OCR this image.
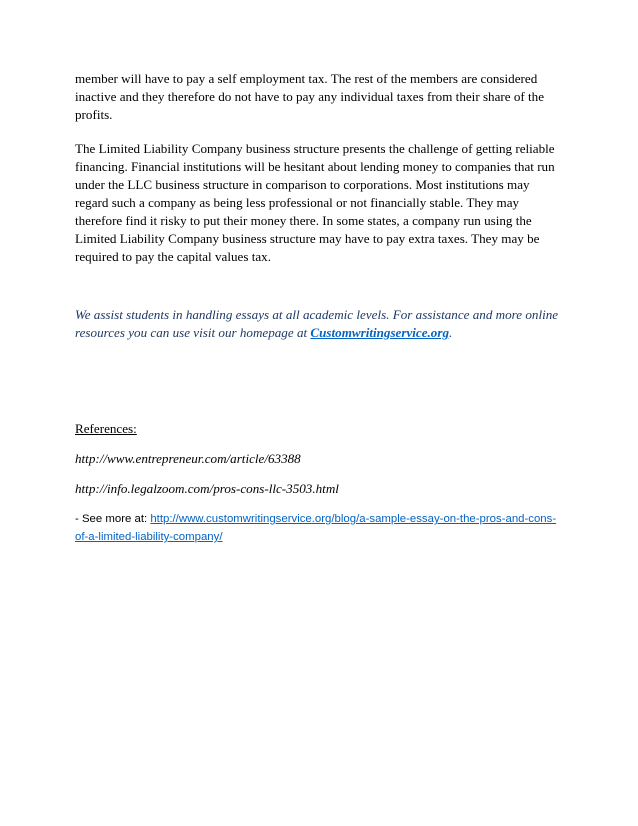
member will have to pay a self employment tax. The rest of the members are considered inactive and they therefore do not have to pay any individual taxes from their share of the profits.

The Limited Liability Company business structure presents the challenge of getting reliable financing. Financial institutions will be hesitant about lending money to companies that run under the LLC business structure in comparison to corporations. Most institutions may regard such a company as being less professional or not financially stable. They may therefore find it risky to put their money there. In some states, a company run using the Limited Liability Company business structure may have to pay extra taxes. They may be required to pay the capital values tax.

We assist students in handling essays at all academic levels. For assistance and more online resources you can use visit our homepage at Customwritingservice.org.

References:

http://www.entrepreneur.com/article/63388

http://info.legalzoom.com/pros-cons-llc-3503.html

- See more at: http://www.customwritingservice.org/blog/a-sample-essay-on-the-pros-and-cons-of-a-limited-liability-company/
